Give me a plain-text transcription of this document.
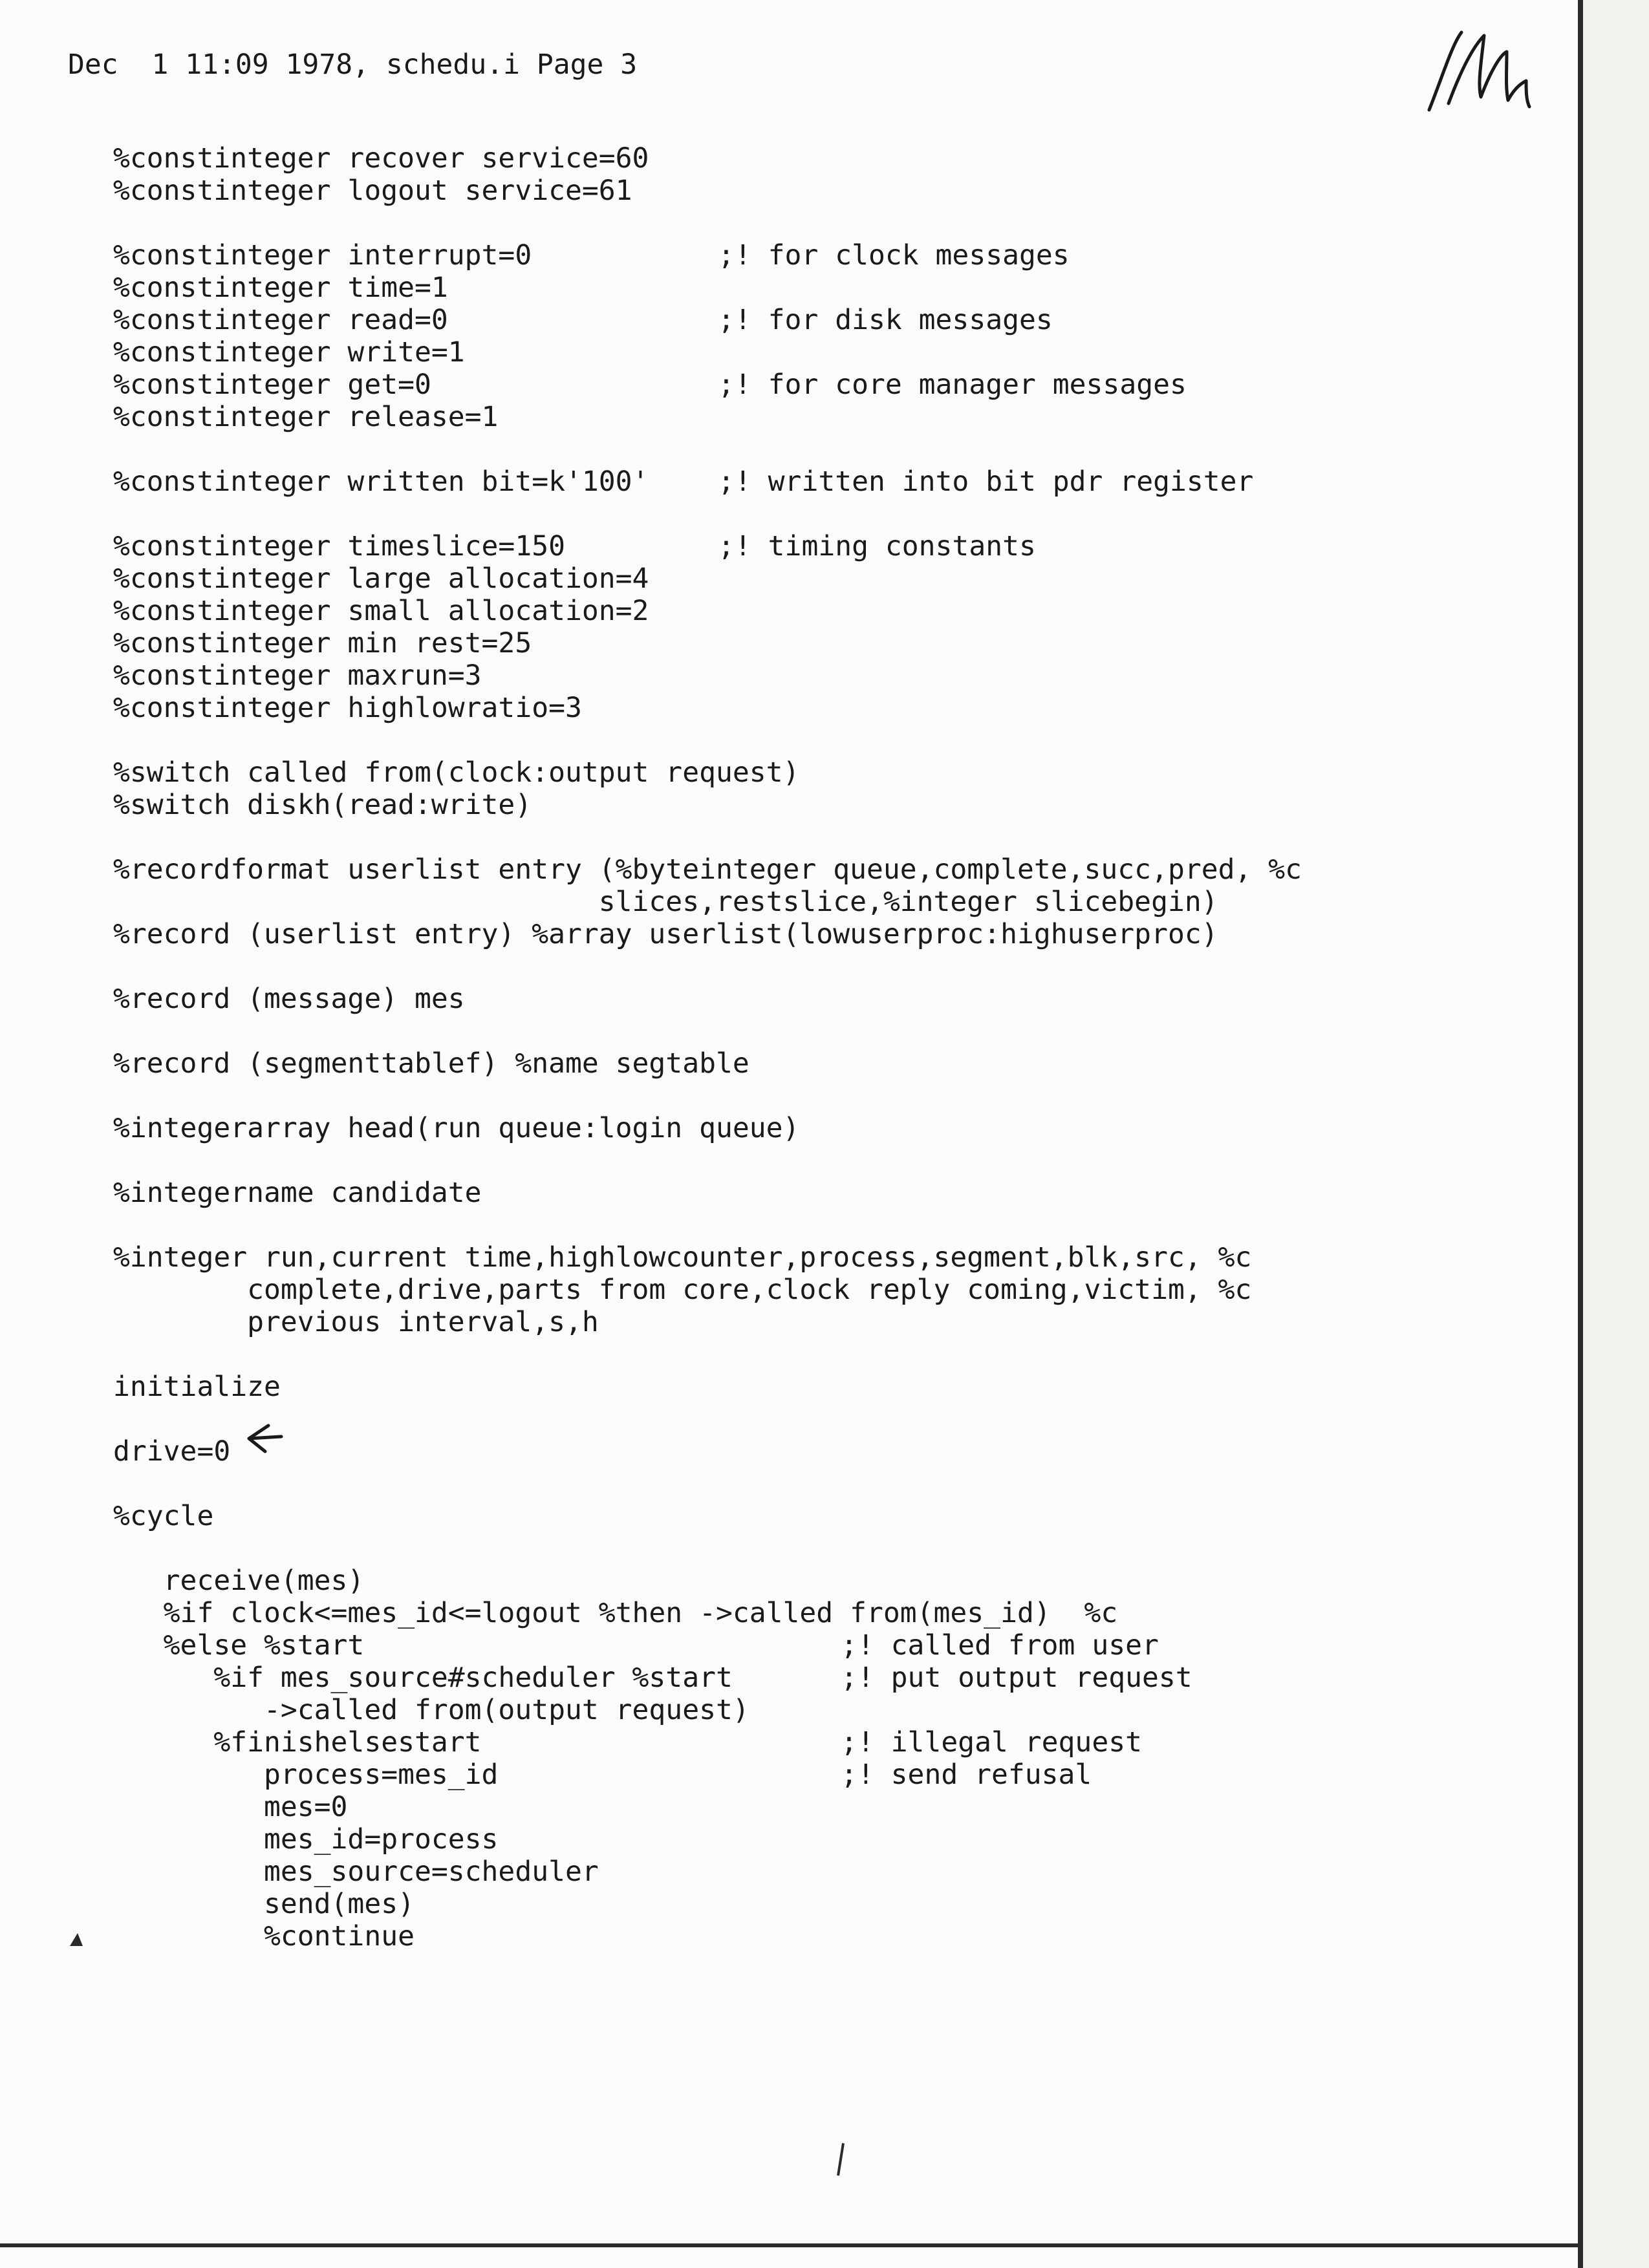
Dec  1 11:09 1978, schedu.i Page 3
%constinteger recover service=60
%constinteger logout service=61
%constinteger interrupt=0	;! for clock messages
%constinteger time=1
%constinteger read=0	;! for disk messages
%constinteger write=1
%constinteger get=0	;! for core manager messages
%constinteger release=1
%constinteger written bit=k'100' ;! written into bit pdr register
%constinteger timeslice=150	;! timing constants
%constinteger large allocation=4
%constinteger small allocation=2
%constinteger min rest=25
%constinteger maxrun=3
%constinteger highlowratio=3
%switch called from(clock:output request)
%switch diskh(read:write)
%recordformat userlist entry (%byteinteger queue,complete,succ,pred, %c
slices,restslice,%integer slicebegin)
%record (userlist entry) %array userlist(lowuserproc:highuserproc)
%record (message) mes
%record (segmenttablef) %name segtable
%integerarray head(run queue:login queue)
%integername candidate
%integer run,current time,highlowcounter,process,segment,blk,src, %c
complete,drive,parts from core,clock reply coming,victim, %c
previous interval,s,h
initialize
drive=0
%cycle
receive(mes)
%if clock<=mes_id<=logout %then ->called from(mes_id)  %c
%else %start	;! called from user
%if mes_source#scheduler %start	;! put output request
->called from(output request)
%finishelsestart	;! illegal request
process=mes_id	;! send refusal
mes=0
mes_id=process
mes_source=scheduler
send(mes)
%continue
